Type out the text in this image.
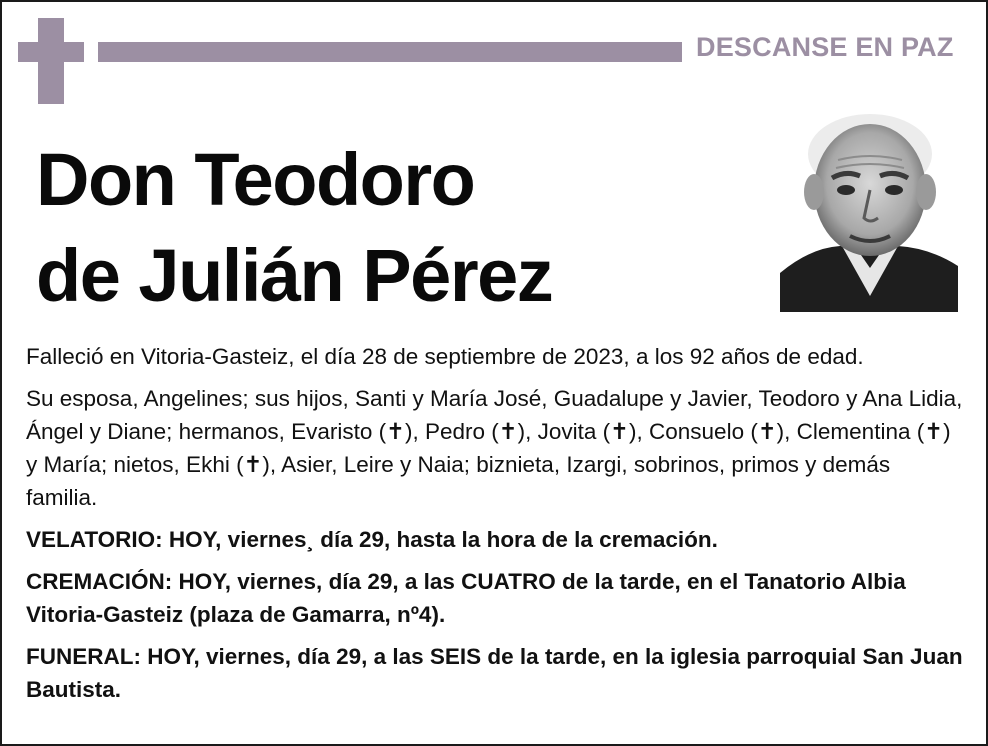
DESCANSE EN PAZ
Don Teodoro
de Julián Pérez

Falleció en Vitoria-Gasteiz, el día 28 de septiembre de 2023, a los 92 años de edad.

Su esposa, Angelines; sus hijos, Santi y María José, Guadalupe y Javier, Teodoro y Ana Lidia, Ángel y Diane; hermanos, Evaristo (✝), Pedro (✝), Jovita (✝), Consuelo (✝), Clementina (✝) y María; nietos, Ekhi (✝), Asier, Leire y Naia; biznieta, Izargi, sobrinos, primos y demás familia.

VELATORIO: HOY, viernes¸ día 29, hasta la hora de la cremación.

CREMACIÓN: HOY, viernes, día 29, a las CUATRO de la tarde, en el Tanatorio Albia Vitoria-Gasteiz (plaza de Gamarra, nº4).

FUNERAL: HOY, viernes, día 29, a las SEIS de la tarde, en la iglesia parroquial San Juan Bautista.
